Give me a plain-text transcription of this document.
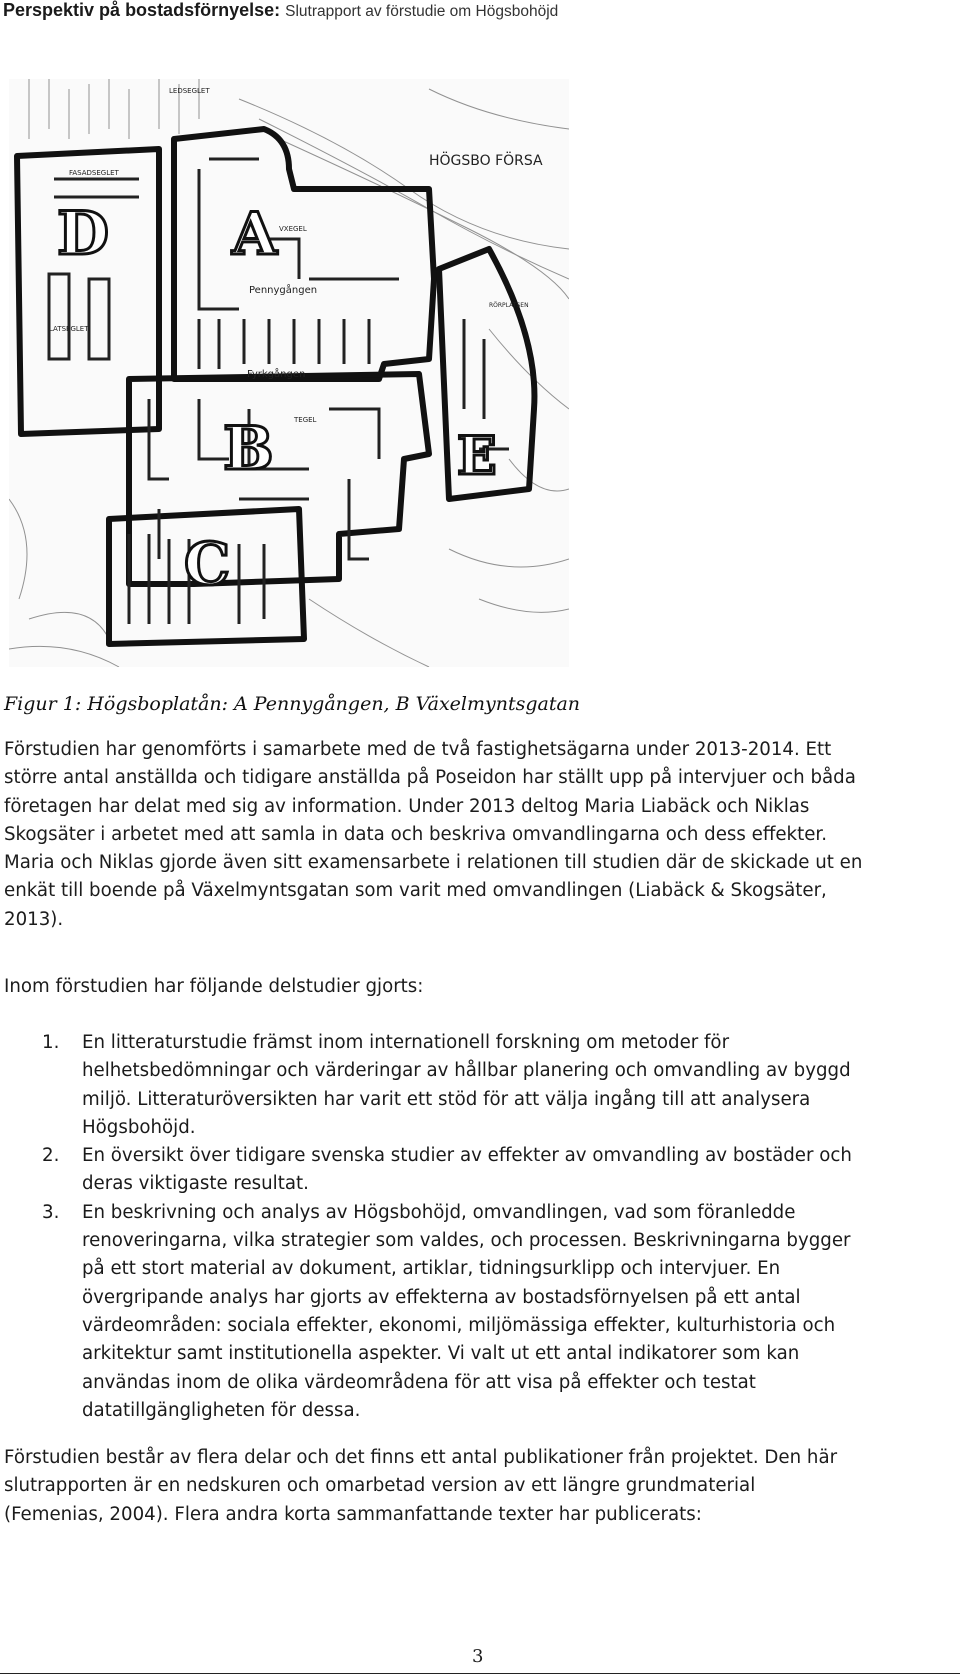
Perspektiv på bostadsförnyelse: Slutrapport av förstudie om Högsbohöjd
D A
B
C
E
HÖGSBO FÖRSA
Pennygången
Fyrkgången
VXEGEL
LEDSEGLET
FASADSEGLET
LATSEGLET
TEGEL
RÖRPLATSEN
Figur 1: Högsboplatån: A Pennygången, B Växelmyntsgatan
Förstudien har genomförts i samarbete med de två fastighetsägarna under 2013-2014. Ett
större antal anställda och tidigare anställda på Poseidon har ställt upp på intervjuer och båda
företagen har delat med sig av information. Under 2013 deltog Maria Liabäck och Niklas
Skogsäter i arbetet med att samla in data och beskriva omvandlingarna och dess effekter.
Maria och Niklas gjorde även sitt examensarbete i relationen till studien där de skickade ut en
enkät till boende på Växelmyntsgatan som varit med omvandlingen (Liabäck & Skogsäter,
2013).
Inom förstudien har följande delstudier gjorts:
1. En litteraturstudie främst inom internationell forskning om metoder för
helhetsbedömningar och värderingar av hållbar planering och omvandling av byggd
miljö. Litteraturöversikten har varit ett stöd för att välja ingång till att analysera
Högsbohöjd.
2. En översikt över tidigare svenska studier av effekter av omvandling av bostäder och
deras viktigaste resultat.
3. En beskrivning och analys av Högsbohöjd, omvandlingen, vad som föranledde
renoveringarna, vilka strategier som valdes, och processen. Beskrivningarna bygger
på ett stort material av dokument, artiklar, tidningsurklipp och intervjuer. En
övergripande analys har gjorts av effekterna av bostadsförnyelsen på ett antal
värdeområden: sociala effekter, ekonomi, miljömässiga effekter, kulturhistoria och
arkitektur samt institutionella aspekter. Vi valt ut ett antal indikatorer som kan
användas inom de olika värdeområdena för att visa på effekter och testat
datatillgängligheten för dessa.
Förstudien består av flera delar och det finns ett antal publikationer från projektet. Den här
slutrapporten är en nedskuren och omarbetad version av ett längre grundmaterial
(Femenias, 2004). Flera andra korta sammanfattande texter har publicerats:
3
